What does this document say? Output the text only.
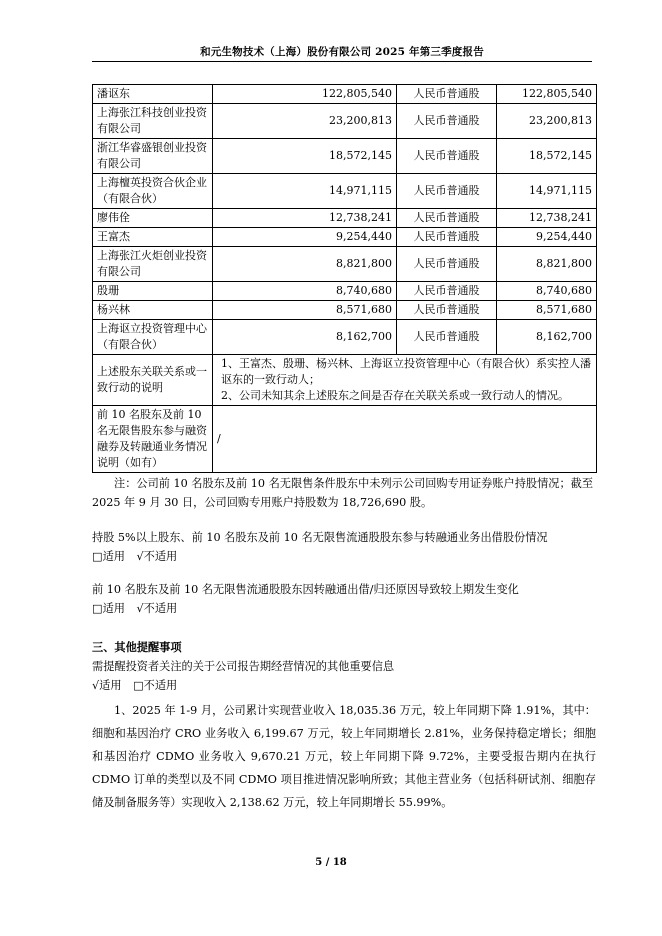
和元生物技术（上海）股份有限公司 2025 年第三季度报告
潘讴东	122,805,540	人民币普通股	122,805,540
上海张江科技创业投资有限公司	23,200,813	人民币普通股	23,200,813
浙江华睿盛银创业投资有限公司	18,572,145	人民币普通股	18,572,145
上海檀英投资合伙企业（有限合伙）	14,971,115	人民币普通股	14,971,115
廖伟佺	12,738,241	人民币普通股	12,738,241
王富杰	9,254,440	人民币普通股	9,254,440
上海张江火炬创业投资有限公司	8,821,800	人民币普通股	8,821,800
殷珊	8,740,680	人民币普通股	8,740,680
杨兴林	8,571,680	人民币普通股	8,571,680
上海讴立投资管理中心（有限合伙）	8,162,700	人民币普通股	8,162,700
上述股东关联关系或一致行动的说明	1、王富杰、殷珊、杨兴林、上海讴立投资管理中心（有限合伙）系实控人潘讴东的一致行动人；
2、公司未知其余上述股东之间是否存在关联关系或一致行动人的情况。		

前 10 名股东及前 10 名无限售股东参与融资融券及转融通业务情况说明（如有）	/		
注：公司前 10 名股东及前 10 名无限售条件股东中未列示公司回购专用证券账户持股情况；截至 2025 年 9 月 30 日，公司回购专用账户持股数为 18,726,690 股。
持股 5%以上股东、前 10 名股东及前 10 名无限售流通股股东参与转融通业务出借股份情况
□适用 √不适用
前 10 名股东及前 10 名无限售流通股股东因转融通出借/归还原因导致较上期发生变化
□适用 √不适用
三、其他提醒事项
需提醒投资者关注的关于公司报告期经营情况的其他重要信息
√适用 □不适用
1、2025 年 1-9 月，公司累计实现营业收入 18,035.36 万元，较上年同期下降 1.91%，其中：细胞和基因治疗 CRO 业务收入 6,199.67 万元，较上年同期增长 2.81%，业务保持稳定增长；细胞和基因治疗 CDMO 业务收入 9,670.21 万元，较上年同期下降 9.72%，主要受报告期内在执行 CDMO 订单的类型以及不同 CDMO 项目推进情况影响所致；其他主营业务（包括科研试剂、细胞存储及制备服务等）实现收入 2,138.62 万元，较上年同期增长 55.99%。
5 / 18
